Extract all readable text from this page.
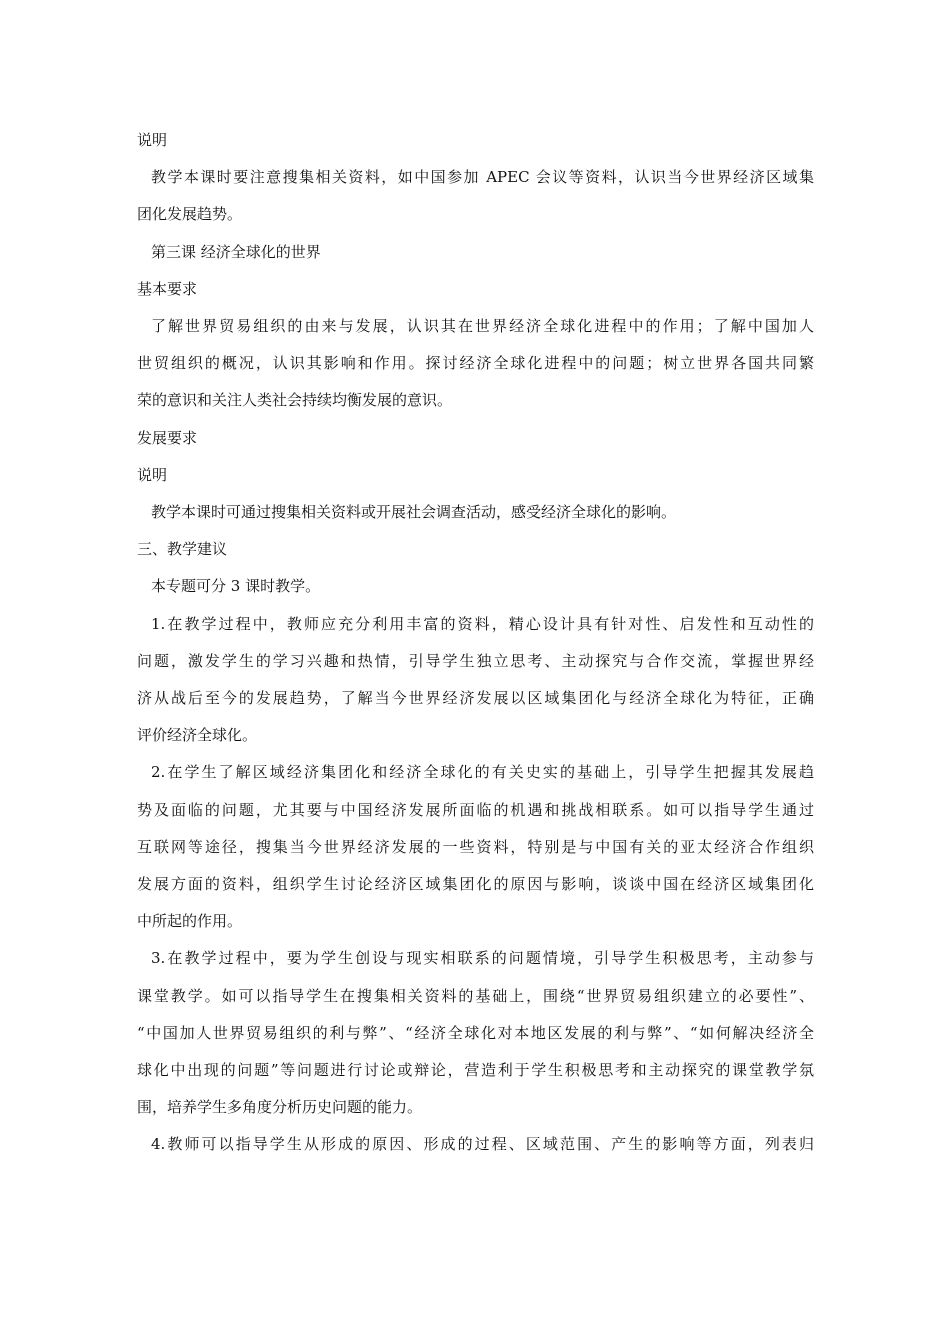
说明

教学本课时要注意搜集相关资料，如中国参加 APEC 会议等资料，认识当今世界经济区域集

团化发展趋势。

第三课 经济全球化的世界

基本要求

了解世界贸易组织的由来与发展，认识其在世界经济全球化进程中的作用；了解中国加人

世贸组织的概况，认识其影响和作用。探讨经济全球化进程中的问题；树立世界各国共同繁

荣的意识和关注人类社会持续均衡发展的意识。

发展要求

说明

教学本课时可通过搜集相关资料或开展社会调查活动，感受经济全球化的影响。

三、教学建议

本专题可分 3 课时教学。

1.在教学过程中，教师应充分利用丰富的资料，精心设计具有针对性、启发性和互动性的

问题，激发学生的学习兴趣和热情，引导学生独立思考、主动探究与合作交流，掌握世界经

济从战后至今的发展趋势，了解当今世界经济发展以区域集团化与经济全球化为特征，正确

评价经济全球化。

2.在学生了解区域经济集团化和经济全球化的有关史实的基础上，引导学生把握其发展趋

势及面临的问题，尤其要与中国经济发展所面临的机遇和挑战相联系。如可以指导学生通过

互联网等途径，搜集当今世界经济发展的一些资料，特别是与中国有关的亚太经济合作组织

发展方面的资料，组织学生讨论经济区域集团化的原因与影响，谈谈中国在经济区域集团化

中所起的作用。

3.在教学过程中，要为学生创设与现实相联系的问题情境，引导学生积极思考，主动参与

课堂教学。如可以指导学生在搜集相关资料的基础上，围绕“世界贸易组织建立的必要性”、

“中国加人世界贸易组织的利与弊”、“经济全球化对本地区发展的利与弊”、“如何解决经济全

球化中出现的问题”等问题进行讨论或辩论，营造利于学生积极思考和主动探究的课堂教学氛

围，培养学生多角度分析历史问题的能力。

4.教师可以指导学生从形成的原因、形成的过程、区域范围、产生的影响等方面，列表归
